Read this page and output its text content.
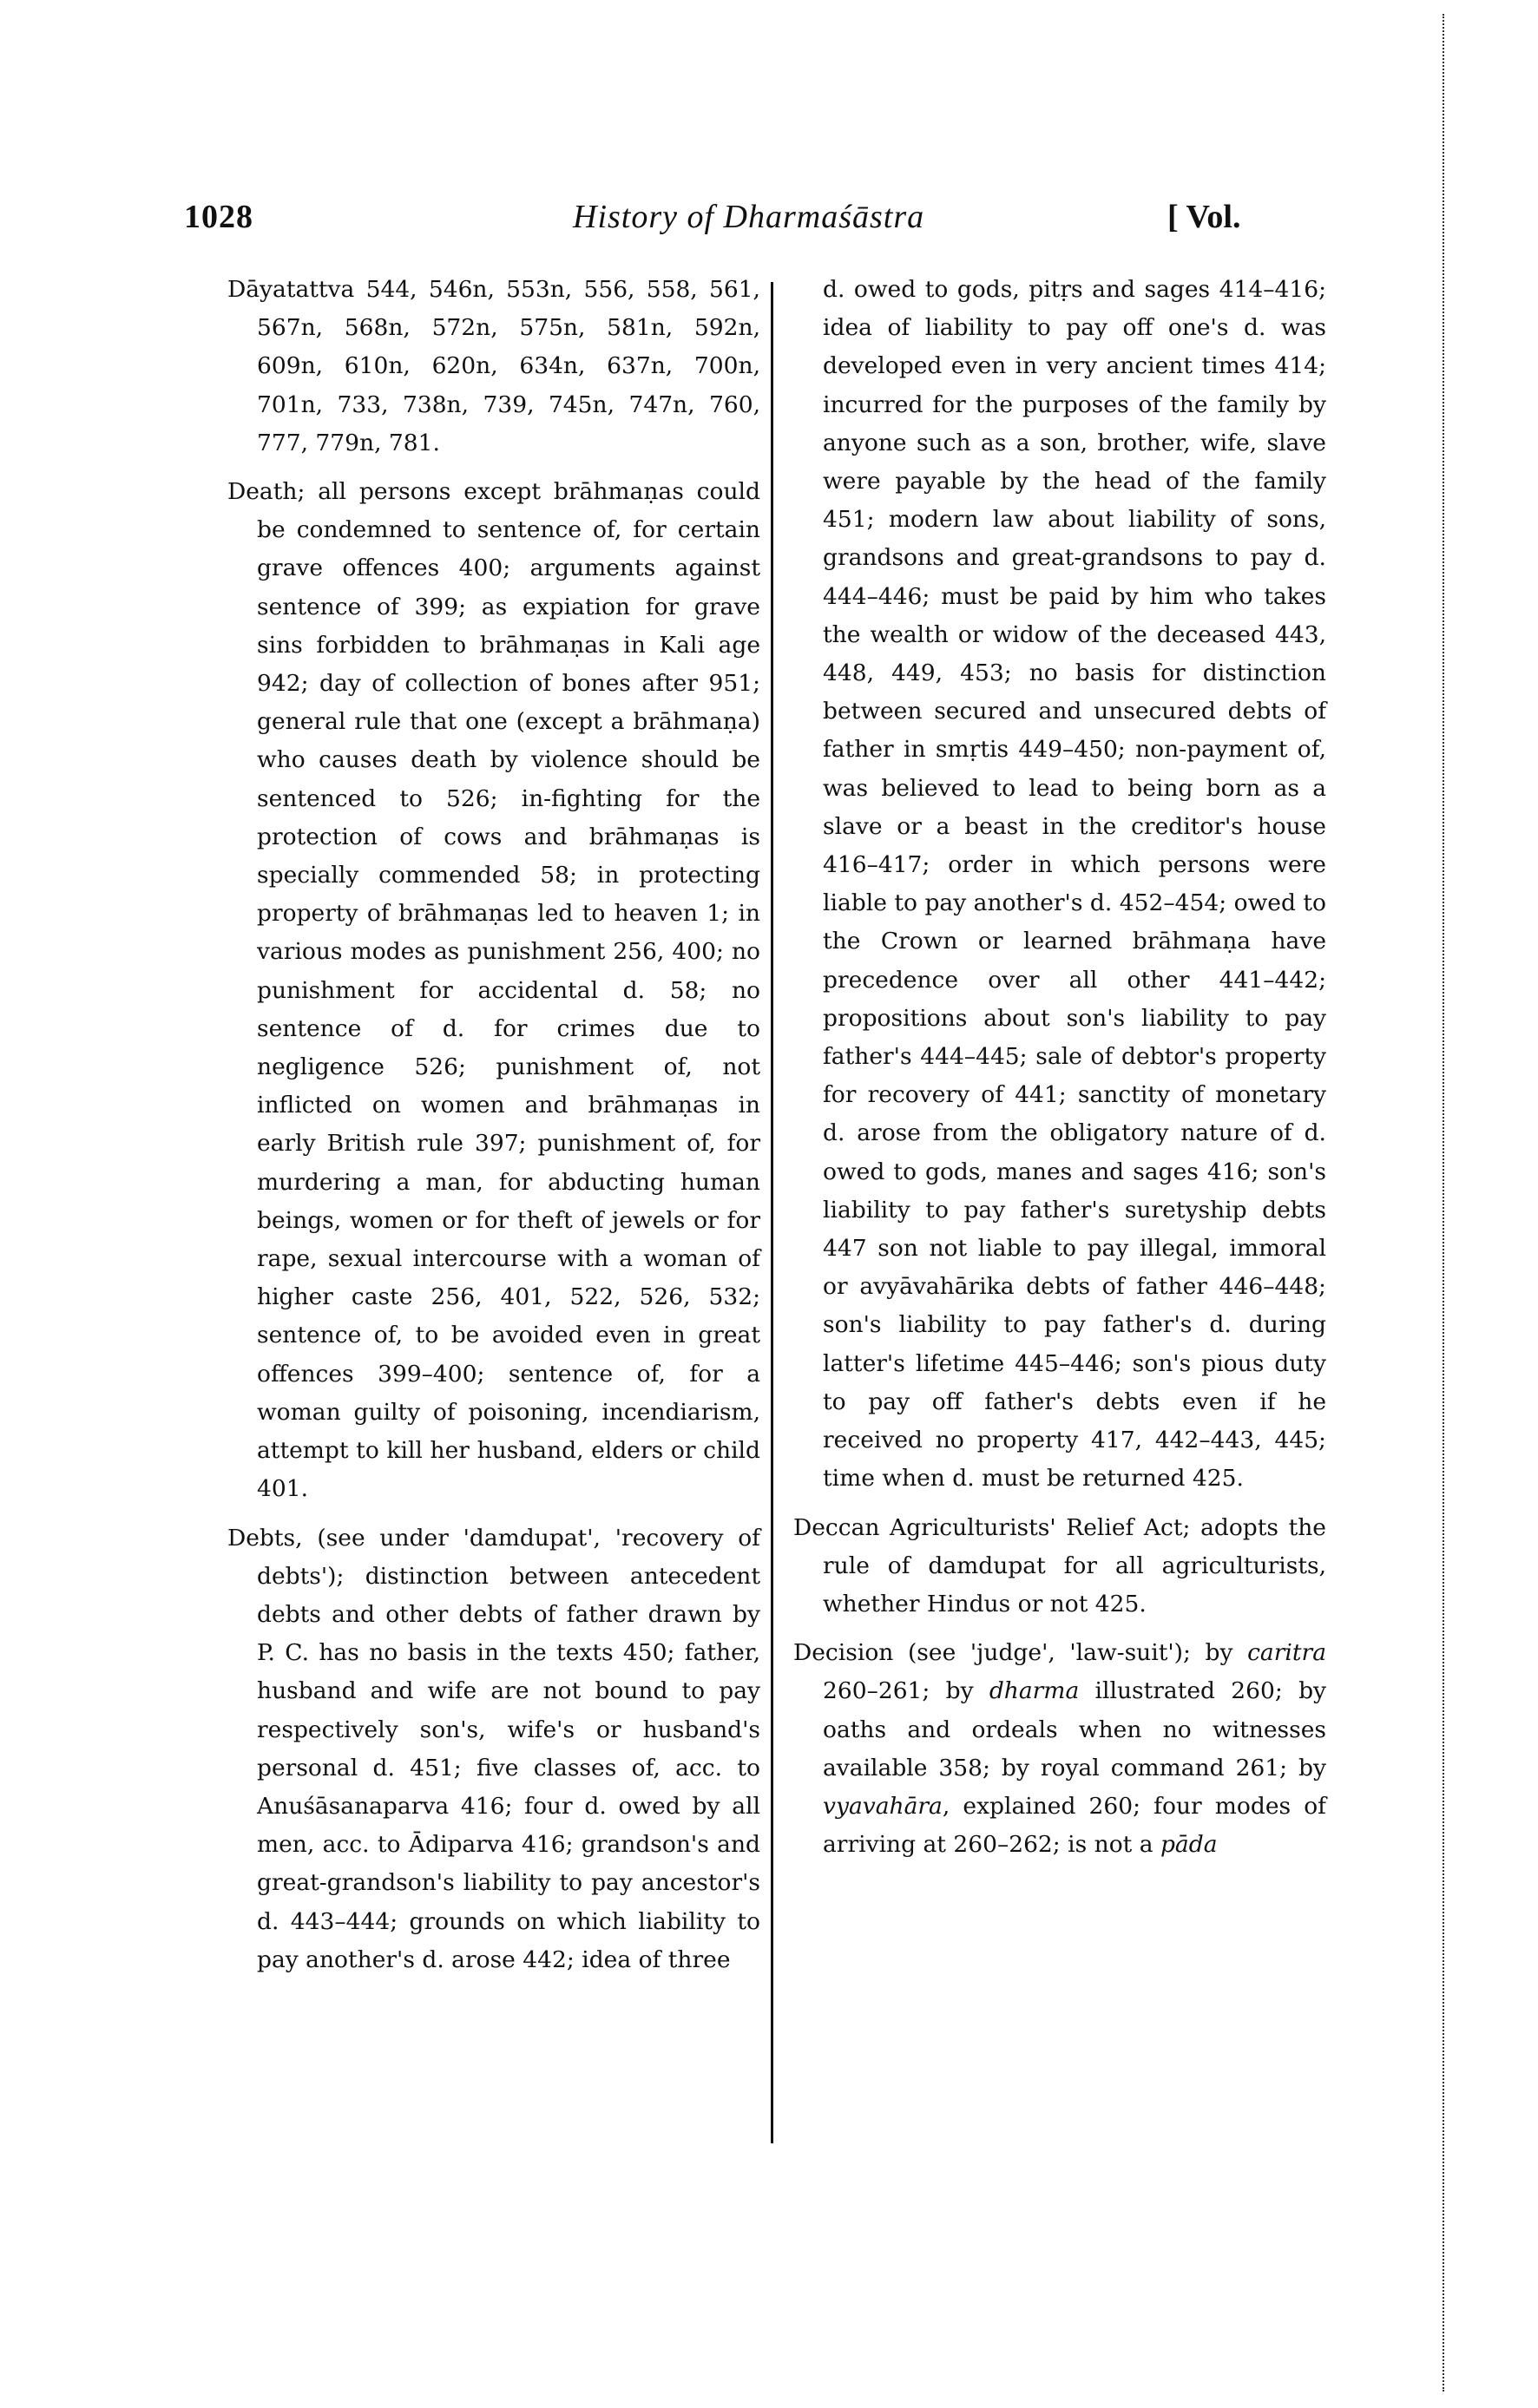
1028	History of Dharmaśāstra	[ Vol.

Dāyatattva 544, 546n, 553n, 556, 558, 561, 567n, 568n, 572n, 575n, 581n, 592n, 609n, 610n, 620n, 634n, 637n, 700n, 701n, 733, 738n, 739, 745n, 747n, 760, 777, 779n, 781.

Death; all persons except brāhmaṇas could be condemned to sentence of, for certain grave offences 400; arguments against sentence of 399; as expiation for grave sins forbidden to brāhmaṇas in Kali age 942; day of collection of bones after 951; general rule that one (except a brāhmaṇa) who causes death by violence should be sentenced to 526; in-fighting for the protection of cows and brāhmaṇas is specially commended 58; in protecting property of brāhmaṇas led to heaven 1; in various modes as punishment 256, 400; no punishment for accidental d. 58; no sentence of d. for crimes due to negligence 526; punishment of, not inflicted on women and brāhmaṇas in early British rule 397; punishment of, for murdering a man, for abducting human beings, women or for theft of jewels or for rape, sexual intercourse with a woman of higher caste 256, 401, 522, 526, 532; sentence of, to be avoided even in great offences 399–400; sentence of, for a woman guilty of poisoning, incendiarism, attempt to kill her husband, elders or child 401.

Debts, (see under 'damdupat', 'recovery of debts'); distinction between antecedent debts and other debts of father drawn by P. C. has no basis in the texts 450; father, husband and wife are not bound to pay respectively son's, wife's or husband's personal d. 451; five classes of, acc. to Anuśāsanaparva 416; four d. owed by all men, acc. to Ādiparva 416; grandson's and great-grandson's liability to pay ancestor's d. 443–444; grounds on which liability to pay another's d. arose 442; idea of three

d. owed to gods, pitṛs and sages 414–416; idea of liability to pay off one's d. was developed even in very ancient times 414; incurred for the purposes of the family by anyone such as a son, brother, wife, slave were payable by the head of the family 451; modern law about liability of sons, grandsons and great-grandsons to pay d. 444–446; must be paid by him who takes the wealth or widow of the deceased 443, 448, 449, 453; no basis for distinction between secured and unsecured debts of father in smṛtis 449–450; non-payment of, was believed to lead to being born as a slave or a beast in the creditor's house 416–417; order in which persons were liable to pay another's d. 452–454; owed to the Crown or learned brāhmaṇa have precedence over all other 441–442; propositions about son's liability to pay father's 444–445; sale of debtor's property for recovery of 441; sanctity of monetary d. arose from the obligatory nature of d. owed to gods, manes and sages 416; son's liability to pay father's suretyship debts 447 son not liable to pay illegal, immoral or avyāvahārika debts of father 446–448; son's liability to pay father's d. during latter's lifetime 445–446; son's pious duty to pay off father's debts even if he received no property 417, 442–443, 445; time when d. must be returned 425.

Deccan Agriculturists' Relief Act; adopts the rule of damdupat for all agriculturists, whether Hindus or not 425.

Decision (see 'judge', 'law-suit'); by caritra 260–261; by dharma illustrated 260; by oaths and ordeals when no witnesses available 358; by royal command 261; by vyavahāra, explained 260; four modes of arriving at 260–262; is not a pāda
